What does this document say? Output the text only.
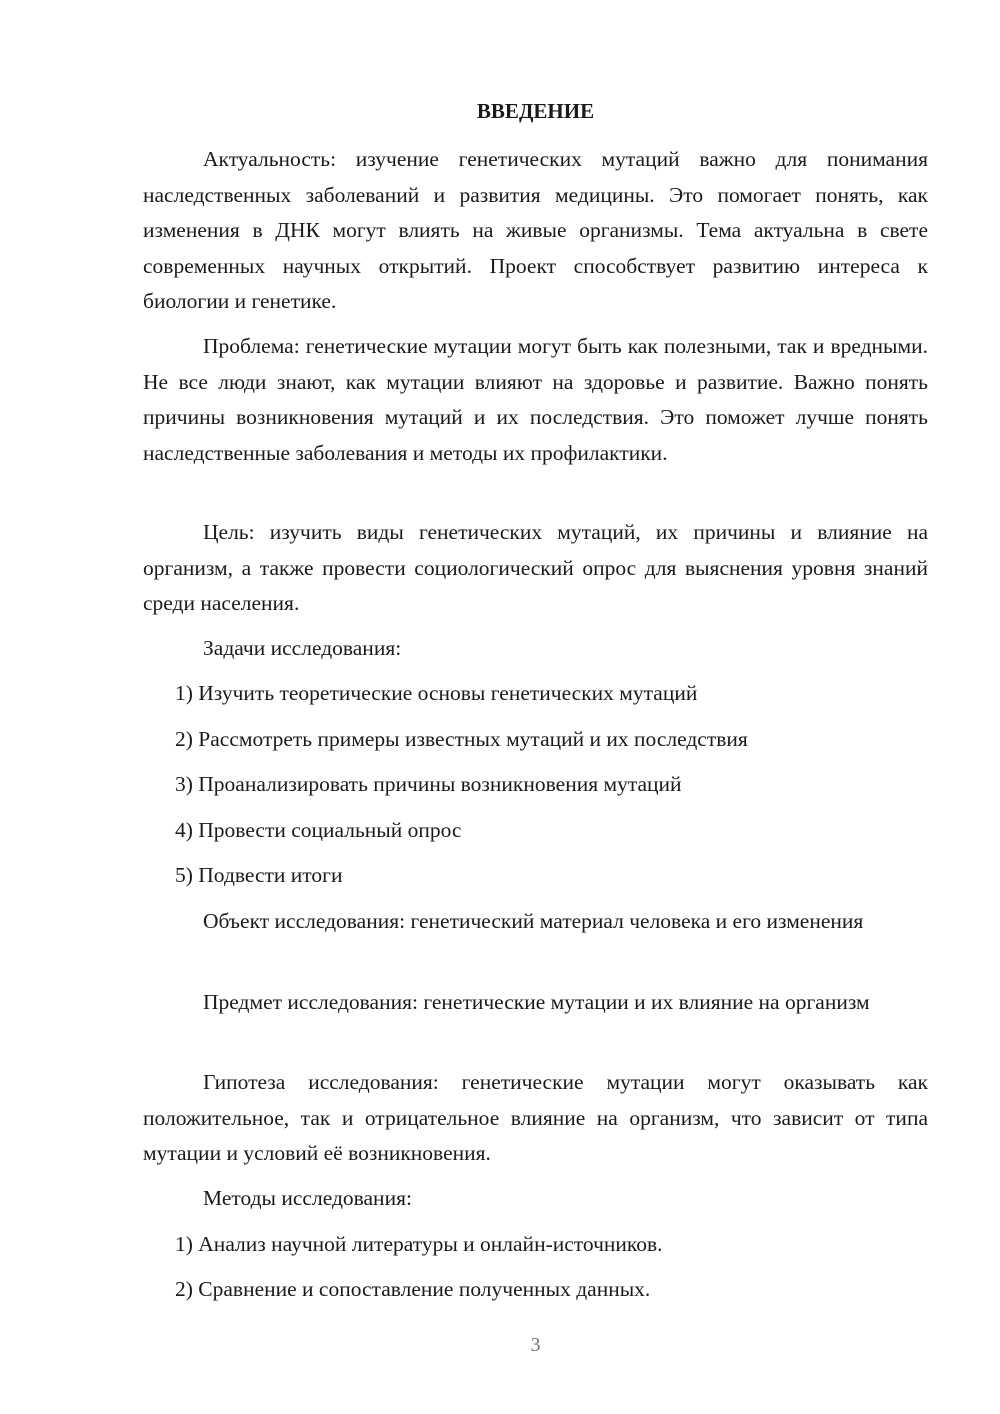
ВВЕДЕНИЕ

Актуальность: изучение генетических мутаций важно для понимания наследственных заболеваний и развития медицины. Это помогает понять, как изменения в ДНК могут влиять на живые организмы. Тема актуальна в свете современных научных открытий. Проект способствует развитию интереса к биологии и генетике.

Проблема: генетические мутации могут быть как полезными, так и вредными. Не все люди знают, как мутации влияют на здоровье и развитие. Важно понять причины возникновения мутаций и их последствия. Это поможет лучше понять наследственные заболевания и методы их профилактики.

Цель: изучить виды генетических мутаций, их причины и влияние на организм, а также провести социологический опрос для выяснения уровня знаний среди населения.

Задачи исследования:

1) Изучить теоретические основы генетических мутаций

2) Рассмотреть примеры известных мутаций и их последствия

3) Проанализировать причины возникновения мутаций

4) Провести социальный опрос

5) Подвести итоги

Объект исследования: генетический материал человека и его изменения

Предмет исследования: генетические мутации и их влияние на организм

Гипотеза исследования: генетические мутации могут оказывать как положительное, так и отрицательное влияние на организм, что зависит от типа мутации и условий её возникновения.

Методы исследования:

1) Анализ научной литературы и онлайн-источников.

2) Сравнение и сопоставление полученных данных.

3
